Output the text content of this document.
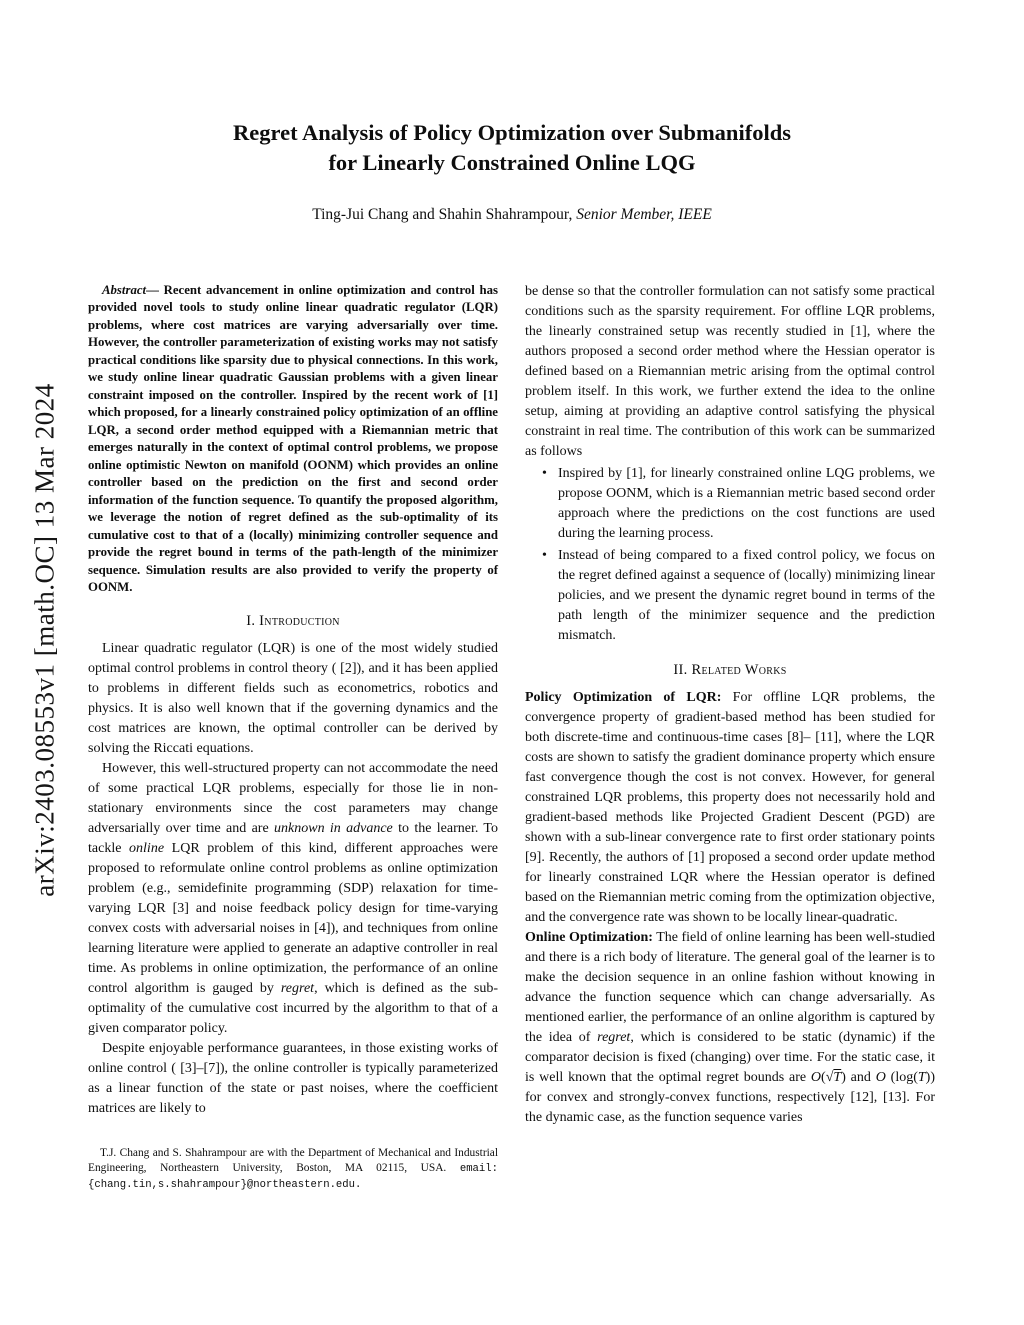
arXiv:2403.08553v1 [math.OC] 13 Mar 2024
Regret Analysis of Policy Optimization over Submanifolds
for Linearly Constrained Online LQG
Ting-Jui Chang and Shahin Shahrampour, Senior Member, IEEE
Abstract— Recent advancement in online optimization and control has provided novel tools to study online linear quadratic regulator (LQR) problems, where cost matrices are varying adversarially over time. However, the controller parameterization of existing works may not satisfy practical conditions like sparsity due to physical connections. In this work, we study online linear quadratic Gaussian problems with a given linear constraint imposed on the controller. Inspired by the recent work of [1] which proposed, for a linearly constrained policy optimization of an offline LQR, a second order method equipped with a Riemannian metric that emerges naturally in the context of optimal control problems, we propose online optimistic Newton on manifold (OONM) which provides an online controller based on the prediction on the first and second order information of the function sequence. To quantify the proposed algorithm, we leverage the notion of regret defined as the sub-optimality of its cumulative cost to that of a (locally) minimizing controller sequence and provide the regret bound in terms of the path-length of the minimizer sequence. Simulation results are also provided to verify the property of OONM.
I. Introduction
Linear quadratic regulator (LQR) is one of the most widely studied optimal control problems in control theory ( [2]), and it has been applied to problems in different fields such as econometrics, robotics and physics. It is also well known that if the governing dynamics and the cost matrices are known, the optimal controller can be derived by solving the Riccati equations.
However, this well-structured property can not accommodate the need of some practical LQR problems, especially for those lie in non-stationary environments since the cost parameters may change adversarially over time and are unknown in advance to the learner. To tackle online LQR problem of this kind, different approaches were proposed to reformulate online control problems as online optimization problem (e.g., semidefinite programming (SDP) relaxation for time-varying LQR [3] and noise feedback policy design for time-varying convex costs with adversarial noises in [4]), and techniques from online learning literature were applied to generate an adaptive controller in real time. As problems in online optimization, the performance of an online control algorithm is gauged by regret, which is defined as the sub-optimality of the cumulative cost incurred by the algorithm to that of a given comparator policy.
Despite enjoyable performance guarantees, in those existing works of online control ( [3]–[7]), the online controller is typically parameterized as a linear function of the state or past noises, where the coefficient matrices are likely to
T.J. Chang and S. Shahrampour are with the Department of Mechanical and Industrial Engineering, Northeastern University, Boston, MA 02115, USA. email:{chang.tin,s.shahrampour}@northeastern.edu.
be dense so that the controller formulation can not satisfy some practical conditions such as the sparsity requirement. For offline LQR problems, the linearly constrained setup was recently studied in [1], where the authors proposed a second order method where the Hessian operator is defined based on a Riemannian metric arising from the optimal control problem itself. In this work, we further extend the idea to the online setup, aiming at providing an adaptive control satisfying the physical constraint in real time. The contribution of this work can be summarized as follows
• Inspired by [1], for linearly constrained online LQG problems, we propose OONM, which is a Riemannian metric based second order approach where the predictions on the cost functions are used during the learning process.
• Instead of being compared to a fixed control policy, we focus on the regret defined against a sequence of (locally) minimizing linear policies, and we present the dynamic regret bound in terms of the path length of the minimizer sequence and the prediction mismatch.
II. Related Works
Policy Optimization of LQR: For offline LQR problems, the convergence property of gradient-based method has been studied for both discrete-time and continuous-time cases [8]– [11], where the LQR costs are shown to satisfy the gradient dominance property which ensure fast convergence though the cost is not convex. However, for general constrained LQR problems, this property does not necessarily hold and gradient-based methods like Projected Gradient Descent (PGD) are shown with a sub-linear convergence rate to first order stationary points [9]. Recently, the authors of [1] proposed a second order update method for linearly constrained LQR where the Hessian operator is defined based on the Riemannian metric coming from the optimization objective, and the convergence rate was shown to be locally linear-quadratic.
Online Optimization: The field of online learning has been well-studied and there is a rich body of literature. The general goal of the learner is to make the decision sequence in an online fashion without knowing in advance the function sequence which can change adversarially. As mentioned earlier, the performance of an online algorithm is captured by the idea of regret, which is considered to be static (dynamic) if the comparator decision is fixed (changing) over time. For the static case, it is well known that the optimal regret bounds are O(√T) and O (log(T)) for convex and strongly-convex functions, respectively [12], [13]. For the dynamic case, as the function sequence varies
